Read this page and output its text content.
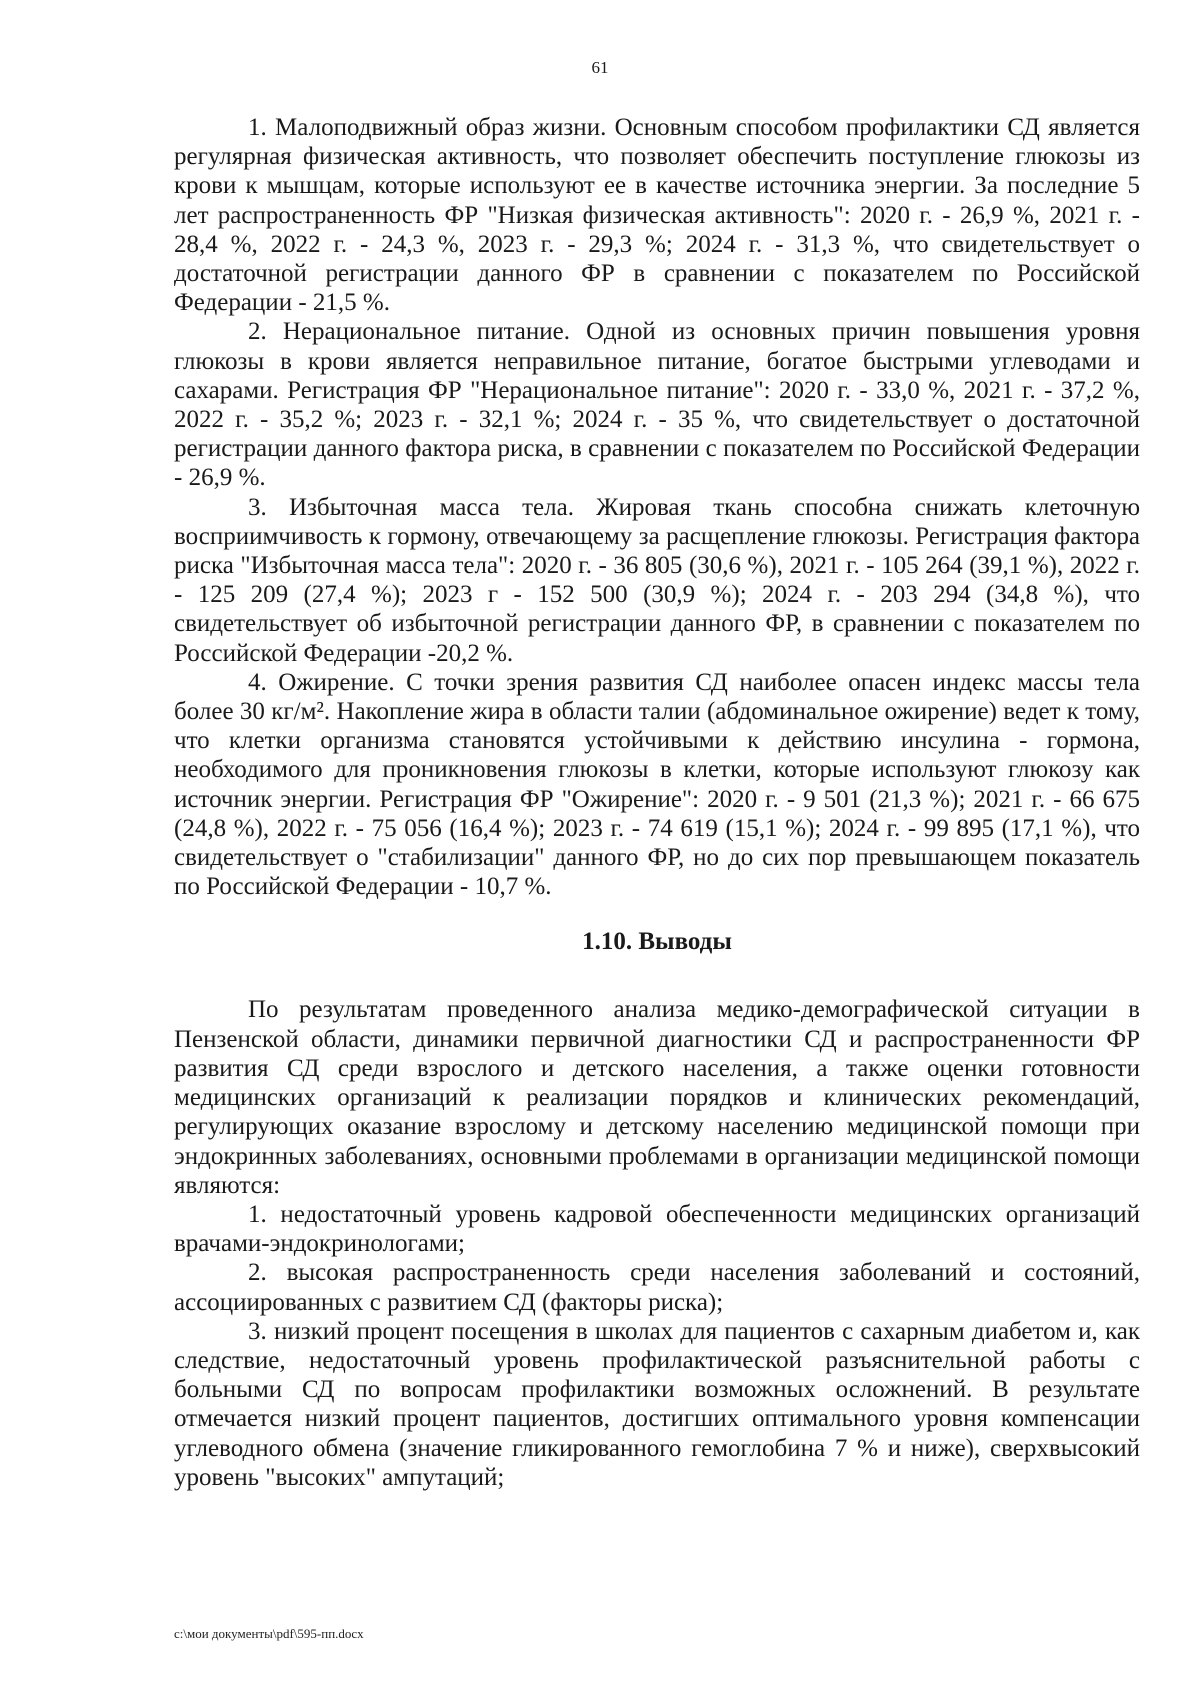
61

1. Малоподвижный образ жизни. Основным способом профилактики СД является регулярная физическая активность, что позволяет обеспечить поступление глюкозы из крови к мышцам, которые используют ее в качестве источника энергии. За последние 5 лет распространенность ФР "Низкая физическая активность": 2020 г. - 26,9 %, 2021 г. - 28,4 %, 2022 г. - 24,3 %, 2023 г. - 29,3 %; 2024 г. - 31,3 %, что свидетельствует о достаточной регистрации данного ФР в сравнении с показателем по Российской Федерации - 21,5 %.

2. Нерациональное питание. Одной из основных причин повышения уровня глюкозы в крови является неправильное питание, богатое быстрыми углеводами и сахарами. Регистрация ФР "Нерациональное питание": 2020 г. - 33,0 %, 2021 г. - 37,2 %, 2022 г. - 35,2 %; 2023 г. - 32,1 %; 2024 г. - 35 %, что свидетельствует о достаточной регистрации данного фактора риска, в сравнении с показателем по Российской Федерации - 26,9 %.

3. Избыточная масса тела. Жировая ткань способна снижать клеточную восприимчивость к гормону, отвечающему за расщепление глюкозы. Регистрация фактора риска "Избыточная масса тела": 2020 г. - 36 805 (30,6 %), 2021 г. - 105 264 (39,1 %), 2022 г. - 125 209 (27,4 %); 2023 г - 152 500 (30,9 %); 2024 г. - 203 294 (34,8 %), что свидетельствует об избыточной регистрации данного ФР, в сравнении с показателем по Российской Федерации -20,2 %.

4. Ожирение. С точки зрения развития СД наиболее опасен индекс массы тела более 30 кг/м². Накопление жира в области талии (абдоминальное ожирение) ведет к тому, что клетки организма становятся устойчивыми к действию инсулина - гормона, необходимого для проникновения глюкозы в клетки, которые используют глюкозу как источник энергии. Регистрация ФР "Ожирение": 2020 г. - 9 501 (21,3 %); 2021 г. - 66 675 (24,8 %), 2022 г. - 75 056 (16,4 %); 2023 г. - 74 619 (15,1 %); 2024 г. - 99 895 (17,1 %), что свидетельствует о "стабилизации" данного ФР, но до сих пор превышающем показатель по Российской Федерации - 10,7 %.

1.10. Выводы

По результатам проведенного анализа медико-демографической ситуации в Пензенской области, динамики первичной диагностики СД и распространенности ФР развития СД среди взрослого и детского населения, а также оценки готовности медицинских организаций к реализации порядков и клинических рекомендаций, регулирующих оказание взрослому и детскому населению медицинской помощи при эндокринных заболеваниях, основными проблемами в организации медицинской помощи являются:

1. недостаточный уровень кадровой обеспеченности медицинских организаций врачами-эндокринологами;

2. высокая распространенность среди населения заболеваний и состояний, ассоциированных с развитием СД (факторы риска);

3. низкий процент посещения в школах для пациентов с сахарным диабетом и, как следствие, недостаточный уровень профилактической разъяснительной работы с больными СД по вопросам профилактики возможных осложнений. В результате отмечается низкий процент пациентов, достигших оптимального уровня компенсации углеводного обмена (значение гликированного гемоглобина 7 % и ниже), сверхвысокий уровень "высоких" ампутаций;

c:\мои документы\pdf\595-пп.docx
